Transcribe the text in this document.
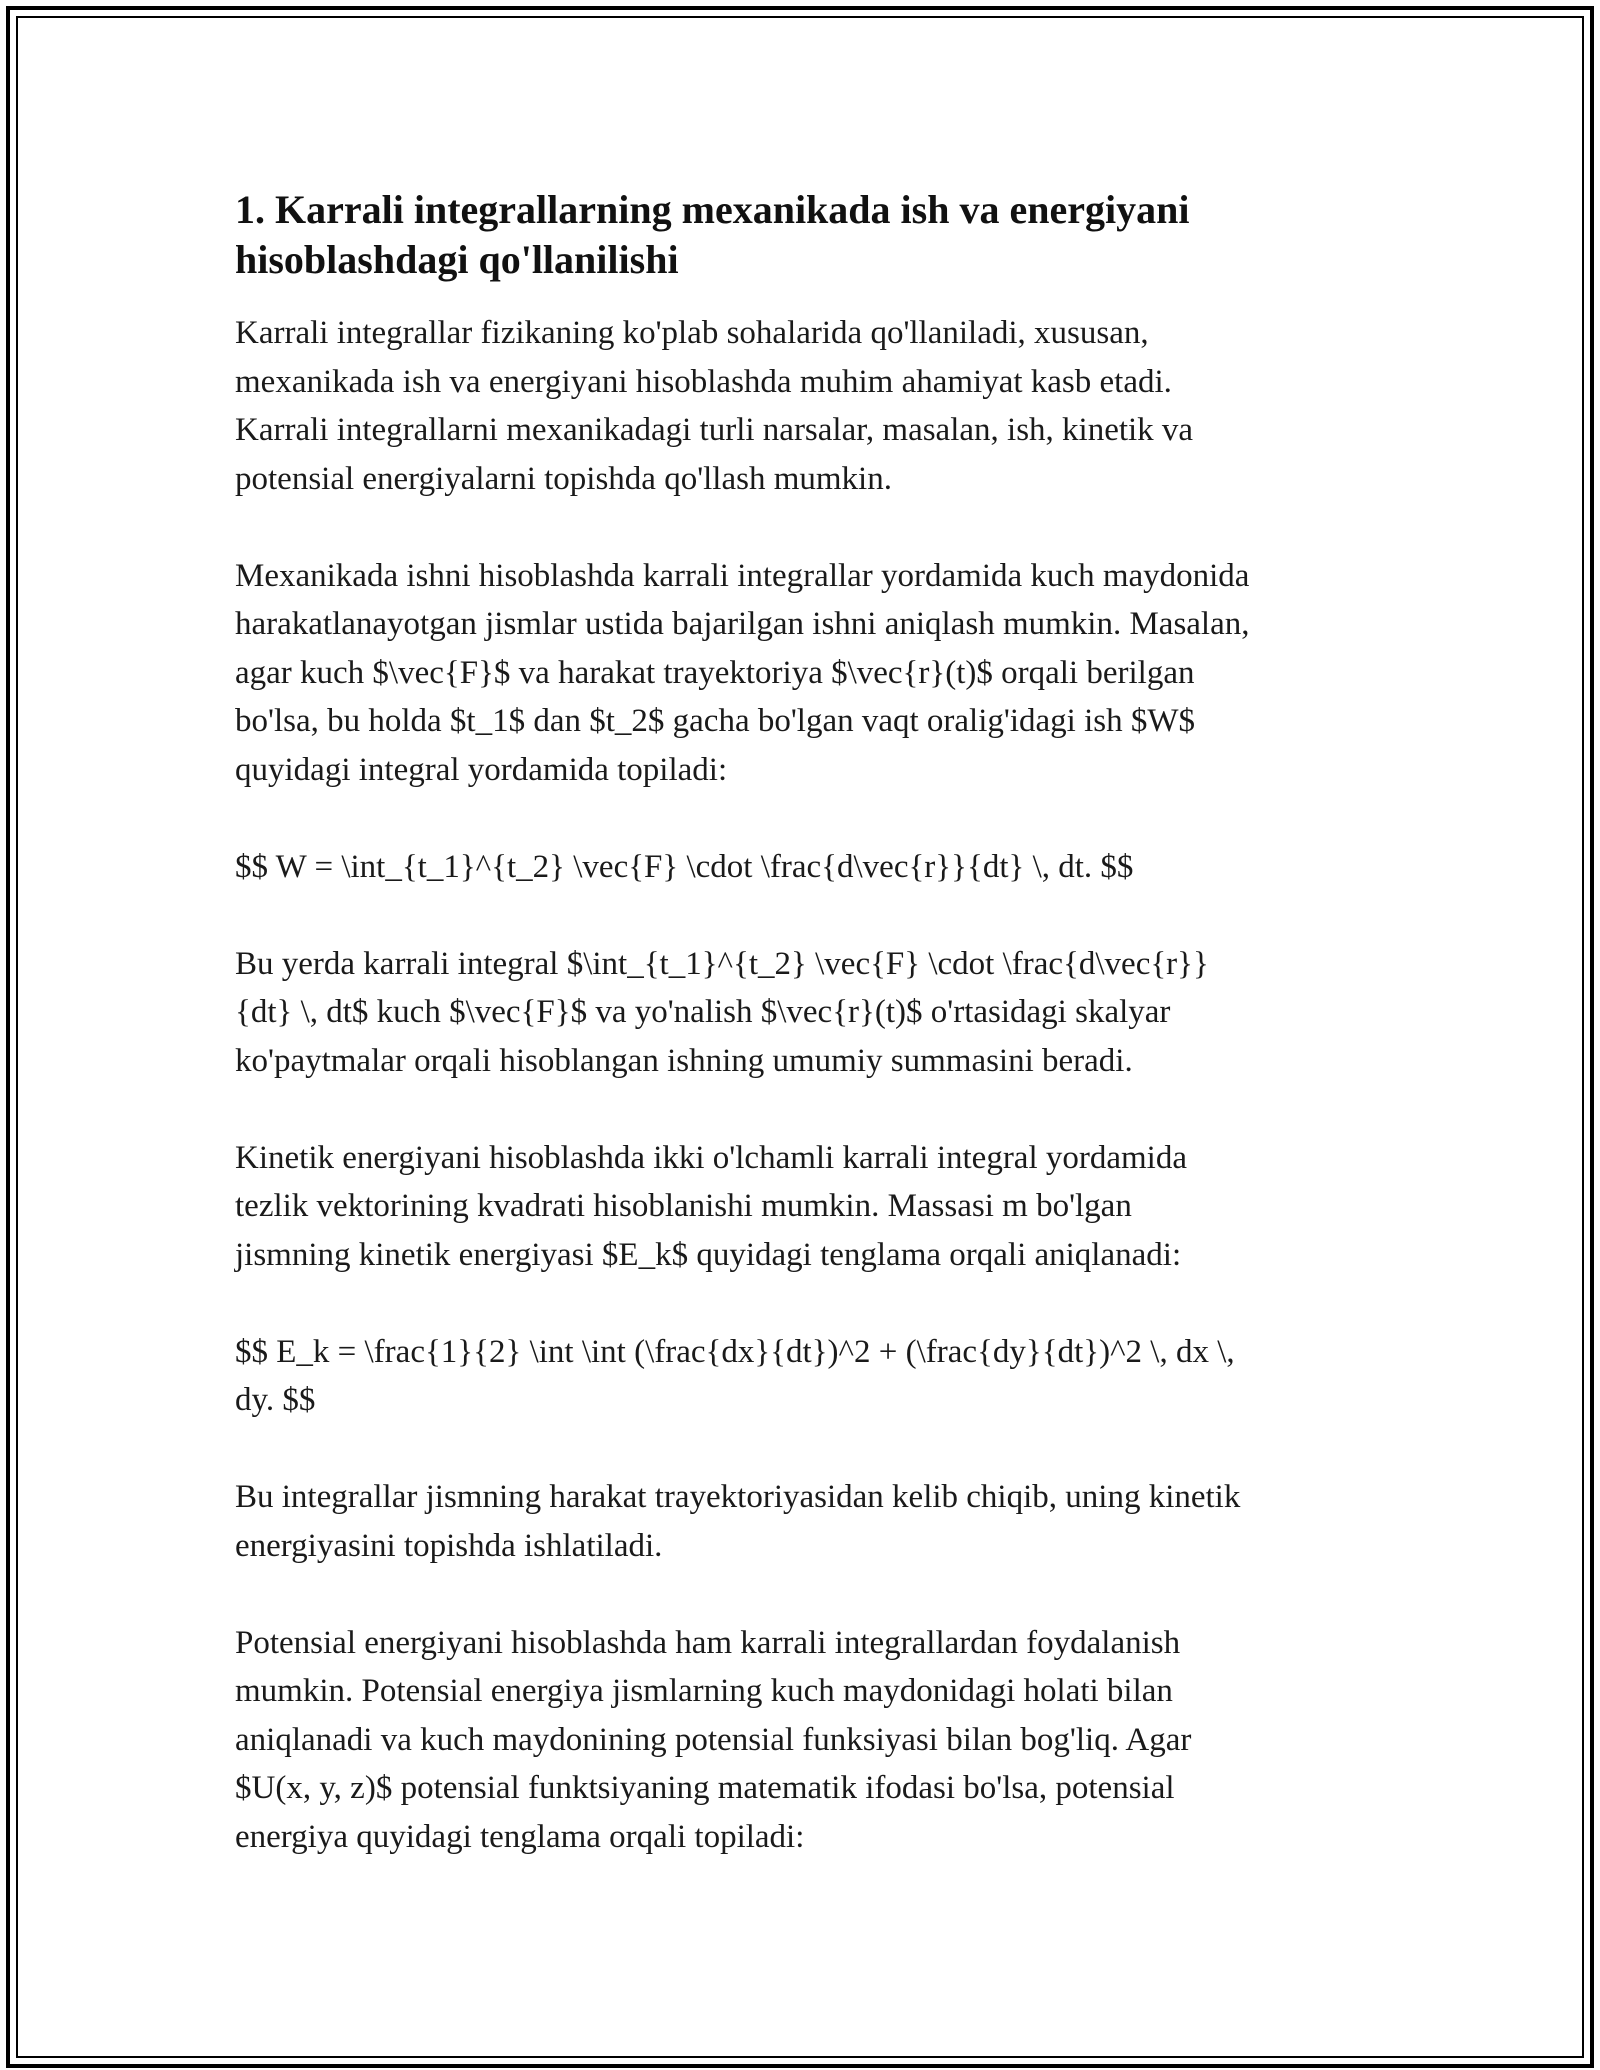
1. Karrali integrallarning mexanikada ish va energiyani
hisoblashdagi qo'llanilishi

Karrali integrallar fizikaning ko'plab sohalarida qo'llaniladi, xususan,
mexanikada ish va energiyani hisoblashda muhim ahamiyat kasb etadi.
Karrali integrallarni mexanikadagi turli narsalar, masalan, ish, kinetik va
potensial energiyalarni topishda qo'llash mumkin.

Mexanikada ishni hisoblashda karrali integrallar yordamida kuch maydonida
harakatlanayotgan jismlar ustida bajarilgan ishni aniqlash mumkin. Masalan,
agar kuch $\vec{F}$ va harakat trayektoriya $\vec{r}(t)$ orqali berilgan
bo'lsa, bu holda $t_1$ dan $t_2$ gacha bo'lgan vaqt oralig'idagi ish $W$
quyidagi integral yordamida topiladi:

$$ W = \int_{t_1}^{t_2} \vec{F} \cdot \frac{d\vec{r}}{dt} \, dt. $$

Bu yerda karrali integral $\int_{t_1}^{t_2} \vec{F} \cdot \frac{d\vec{r}}
{dt} \, dt$ kuch $\vec{F}$ va yo'nalish $\vec{r}(t)$ o'rtasidagi skalyar
ko'paytmalar orqali hisoblangan ishning umumiy summasini beradi.

Kinetik energiyani hisoblashda ikki o'lchamli karrali integral yordamida
tezlik vektorining kvadrati hisoblanishi mumkin. Massasi m bo'lgan
jismning kinetik energiyasi $E_k$ quyidagi tenglama orqali aniqlanadi:

$$ E_k = \frac{1}{2} \int \int (\frac{dx}{dt})^2 + (\frac{dy}{dt})^2 \, dx \,
dy. $$

Bu integrallar jismning harakat trayektoriyasidan kelib chiqib, uning kinetik
energiyasini topishda ishlatiladi.

Potensial energiyani hisoblashda ham karrali integrallardan foydalanish
mumkin. Potensial energiya jismlarning kuch maydonidagi holati bilan
aniqlanadi va kuch maydonining potensial funksiyasi bilan bog'liq. Agar
$U(x, y, z)$ potensial funktsiyaning matematik ifodasi bo'lsa, potensial
energiya quyidagi tenglama orqali topiladi:
